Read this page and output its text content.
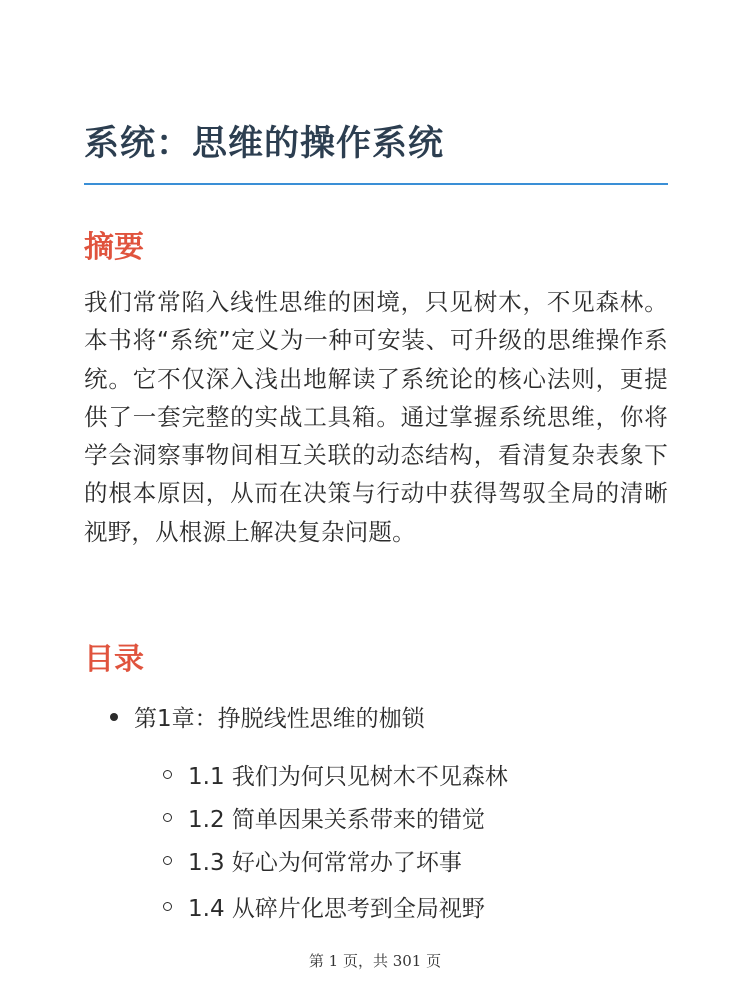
系统：思维的操作系统
摘要

我们常常陷入线性思维的困境，只见树木，不见森林。本书将“系统”定义为一种可安装、可升级的思维操作系统。它不仅深入浅出地解读了系统论的核心法则，更提供了一套完整的实战工具箱。通过掌握系统思维，你将学会洞察事物间相互关联的动态结构，看清复杂表象下的根本原因，从而在决策与行动中获得驾驭全局的清晰视野，从根源上解决复杂问题。

目录
第1章：挣脱线性思维的枷锁
1.1 我们为何只见树木不见森林
1.2 简单因果关系带来的错觉
1.3 好心为何常常办了坏事
1.4 从碎片化思考到全局视野
第 1 页，共 301 页
